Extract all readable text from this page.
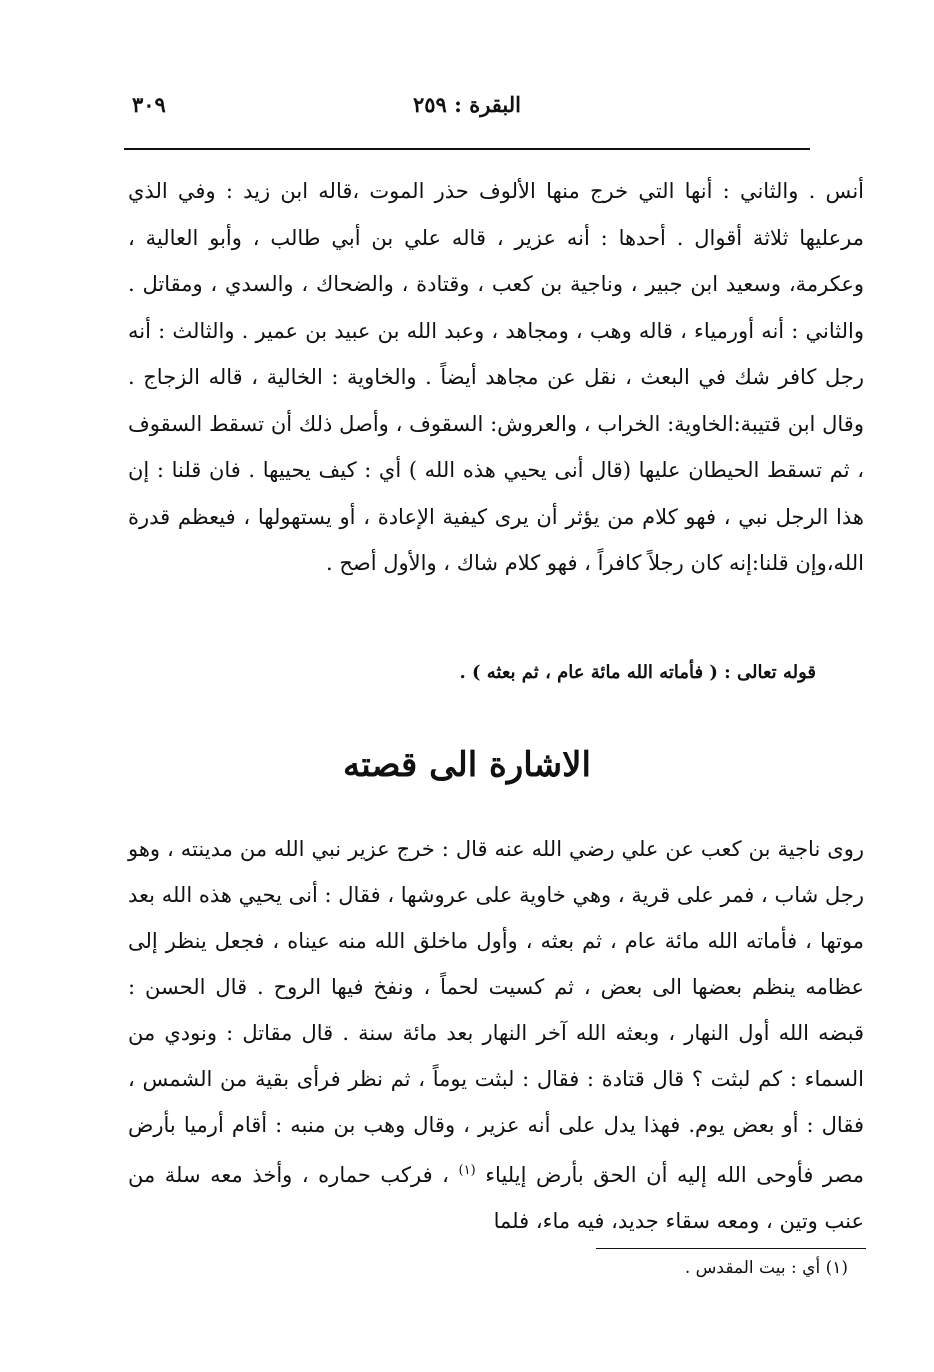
البقرة : ٢٥٩
٣٠٩

أنس . والثاني : أنها التي خرج منها الألوف حذر الموت ،قاله ابن زيد : وفي الذي مرعليها ثلاثة أقوال . أحدها : أنه عزير ، قاله علي بن أبي طالب ، وأبو العالية ، وعكرمة، وسعيد ابن جبير ، وناجية بن كعب ، وقتادة ، والضحاك ، والسدي ، ومقاتل . والثاني : أنه أورمياء ، قاله وهب ، ومجاهد ، وعبد الله بن عبيد بن عمير . والثالث : أنه رجل كافر شك في البعث ، نقل عن مجاهد أيضاً . والخاوية : الخالية ، قاله الزجاج . وقال ابن قتيبة:الخاوية: الخراب ، والعروش: السقوف ، وأصل ذلك أن تسقط السقوف ، ثم تسقط الحيطان عليها (قال أنى يحيي هذه الله ) أي : كيف يحييها . فان قلنا : إن هذا الرجل نبي ، فهو كلام من يؤثر أن يرى كيفية الإعادة ، أو يستهولها ، فيعظم قدرة الله،وإن قلنا:إنه كان رجلاً كافراً ، فهو كلام شاك ، والأول أصح .

قوله تعالى : ( فأماته الله مائة عام ، ثم بعثه ) .
الاشارة الى قصته

روى ناجية بن كعب عن علي رضي الله عنه قال : خرج عزير نبي الله من مدينته ، وهو رجل شاب ، فمر على قرية ، وهي خاوية على عروشها ، فقال : أنى يحيي هذه الله بعد موتها ، فأماته الله مائة عام ، ثم بعثه ، وأول ماخلق الله منه عيناه ، فجعل ينظر إلى عظامه ينظم بعضها الى بعض ، ثم كسيت لحماً ، ونفخ فيها الروح . قال الحسن : قبضه الله أول النهار ، وبعثه الله آخر النهار بعد مائة سنة . قال مقاتل : ونودي من السماء : كم لبثت ؟ قال قتادة : فقال : لبثت يوماً ، ثم نظر فرأى بقية من الشمس ، فقال : أو بعض يوم. فهذا يدل على أنه عزير ، وقال وهب بن منبه : أقام أرميا بأرض مصر فأوحى الله إليه أن الحق بأرض إيلياء $^{(١)}$ ، فركب حماره ، وأخذ معه سلة من عنب وتين ، ومعه سقاء جديد، فيه ماء، فلما

(١) أي : بيت المقدس .
